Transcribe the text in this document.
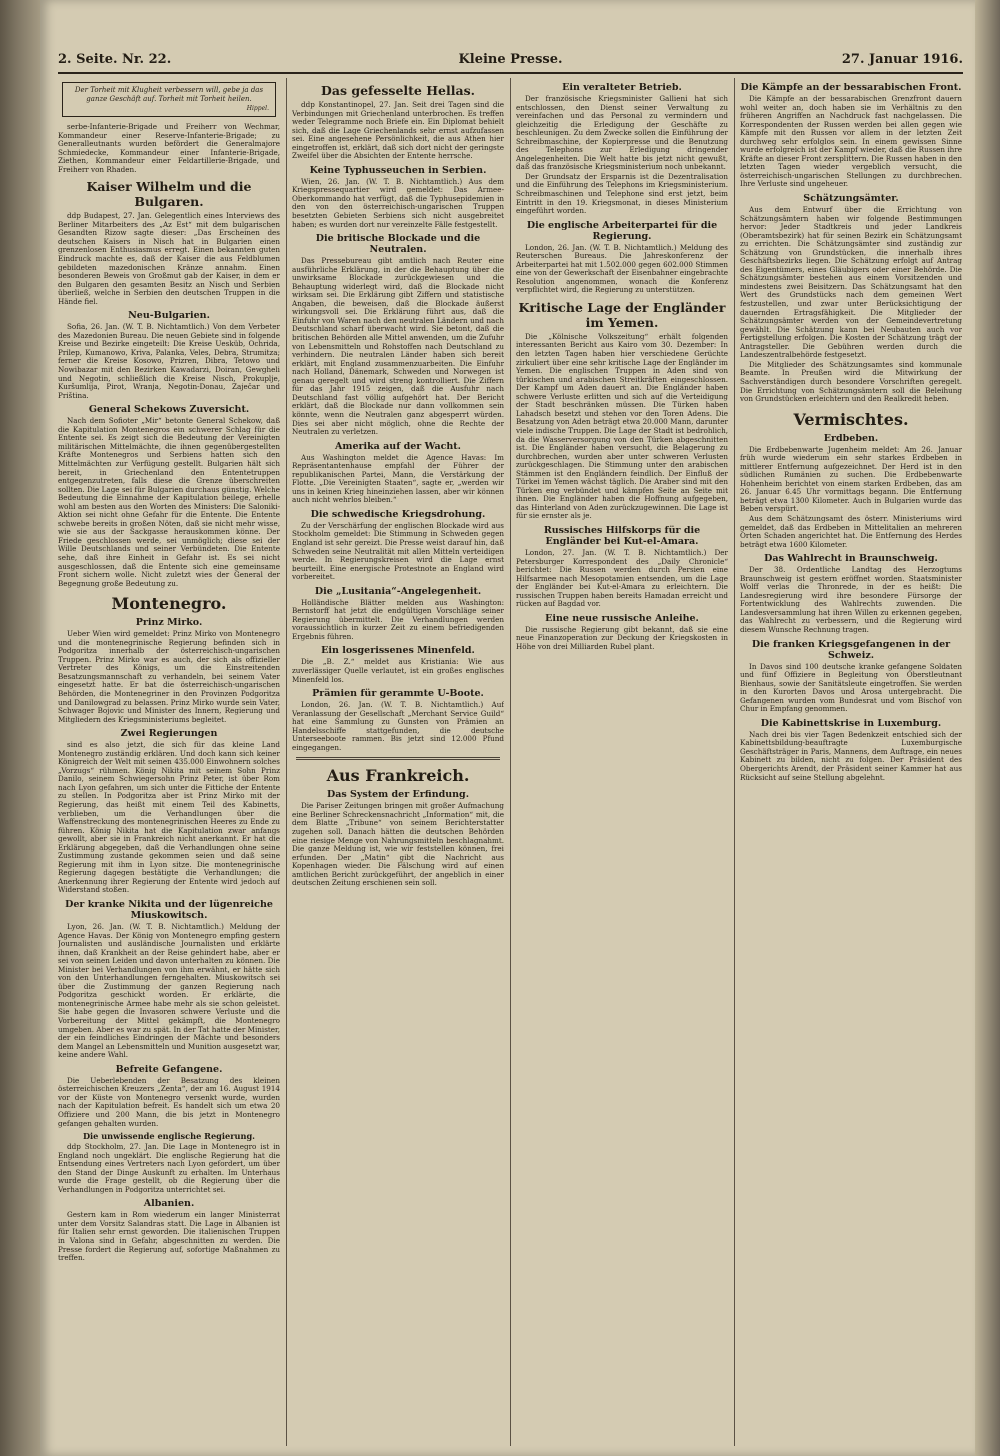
2. Seite. Nr. 22.	Kleine Presse.	27. Januar 1916.
Der Torheit mit Klugheit verbessern will, gebe ja das ganze Geschäft auf. Torheit mit Torheit heilen.
Hippel.

serbe-Infanterie-Brigade und Freiherr von Wechmar, Kommandeur einer Reserve-Infanterie-Brigade; zu Generalleutnants wurden befördert die Generalmajore Schmiedecke, Kommandeur einer Infanterie-Brigade, Ziethen, Kommandeur einer Feldartillerie-Brigade, und Freiherr von Rhaden.

Kaiser Wilhelm und die Bulgaren.

ddp Budapest, 27. Jan. Gelegentlich eines Interviews des Berliner Mitarbeiters des „Az Est“ mit dem bulgarischen Gesandten Rizow sagte dieser: „Das Erscheinen des deutschen Kaisers in Nisch hat in Bulgarien einen grenzenlosen Enthusiasmus erregt. Einen bekannten guten Eindruck machte es, daß der Kaiser die aus Feldblumen gebildeten mazedonischen Kränze annahm. Einen besonderen Beweis von Großmut gab der Kaiser, in dem er den Bulgaren den gesamten Besitz an Nisch und Serbien überließ, welche in Serbien den deutschen Truppen in die Hände fiel.

Neu-Bulgarien.

Sofia, 26. Jan. (W. T. B. Nichtamtlich.) Von dem Verbeter des Mazedonien Bureau. Die neuen Gebiete sind in folgende Kreise und Bezirke eingeteilt: Die Kreise Uesküb, Ochrida, Prilep, Kumanowo, Kriva, Palanka, Veles, Debra, Strumitza; ferner die Kreise Kosowo, Prizren, Dibra, Tetowo und Nowibazar mit den Bezirken Kawadarzi, Doiran, Gewgheli und Negotin, schließlich die Kreise Nisch, Prokuplje, Kuršumlija, Pirot, Wranja, Negotin-Donau, Zaječar und Priština.

General Schekows Zuversicht.

Nach dem Sofioter „Mir“ betonte General Schekow, daß die Kapitulation Montenegros ein schwerer Schlag für die Entente sei. Es zeigt sich die Bedeutung der Vereinigten militärischen Mittelmächte, die ihnen gegenübergestellten Kräfte Montenegros und Serbiens hatten sich den Mittelmächten zur Verfügung gestellt. Bulgarien hält sich bereit, in Griechenland den Ententetruppen entgegenzutreten, falls diese die Grenze überschreiten sollten. Die Lage sei für Bulgarien durchaus günstig. Welche Bedeutung die Einnahme der Kapitulation beilege, erhelle wohl am besten aus den Worten des Ministers: Die Saloniki-Aktion sei nicht ohne Gefahr für die Entente. Die Entente schwebe bereits in großen Nöten, daß sie nicht mehr wisse, wie sie aus der Sackgasse herauskommen könne. Der Friede geschlossen werde, sei unmöglich; diese sei der Wille Deutschlands und seiner Verbündeten. Die Entente sehe, daß ihre Einheit in Gefahr ist. Es sei nicht ausgeschlossen, daß die Entente sich eine gemeinsame Front sichern wolle. Nicht zuletzt wies der General der Begegnung große Bedeutung zu.

Montenegro.
Prinz Mirko.

Ueber Wien wird gemeldet: Prinz Mirko von Montenegro und die montenegrinische Regierung befinden sich in Podgoritza innerhalb der österreichisch-ungarischen Truppen. Prinz Mirko war es auch, der sich als offizieller Vertreter des Königs, um die Einstreitenden Besatzungsmannschaft zu verhandeln, bei seinem Vater eingesetzt hatte. Er bat die österreichisch-ungarischen Behörden, die Montenegriner in den Provinzen Podgoritza und Danilowgrad zu belassen. Prinz Mirko wurde sein Vater, Schwager Bojovic und Minister des Innern, Regierung und Mitgliedern des Kriegsministeriums begleitet.

Zwei Regierungen

sind es also jetzt, die sich für das kleine Land Montenegro zuständig erklären. Und doch kann sich keiner Königreich der Welt mit seinen 435.000 Einwohnern solches „Vorzugs“ rühmen. König Nikita mit seinem Sohn Prinz Danilo, seinem Schwiegersohn Prinz Peter, ist über Rom nach Lyon gefahren, um sich unter die Fittiche der Entente zu stellen. In Podgoritza aber ist Prinz Mirko mit der Regierung, das heißt mit einem Teil des Kabinetts, verblieben, um die Verhandlungen über die Waffenstreckung des montenegrinischen Heeres zu Ende zu führen. König Nikita hat die Kapitulation zwar anfangs gewollt, aber sie in Frankreich nicht anerkannt. Er hat die Erklärung abgegeben, daß die Verhandlungen ohne seine Zustimmung zustande gekommen seien und daß seine Regierung mit ihm in Lyon sitze. Die montenegrinische Regierung dagegen bestätigte die Verhandlungen; die Anerkennung ihrer Regierung der Entente wird jedoch auf Widerstand stoßen.

Der kranke Nikita und der lügenreiche Miuskowitsch.

Lyon, 26. Jan. (W. T. B. Nichtamtlich.) Meldung der Agence Havas. Der König von Montenegro empfing gestern Journalisten und ausländische Journalisten und erklärte ihnen, daß Krankheit an der Reise gehindert habe, aber er sei von seinen Leiden und davon unterhalten zu können. Die Minister bei Verhandlungen von ihm erwähnt, er hätte sich von den Unterhandlungen ferngehalten. Miuskowitsch sei über die Zustimmung der ganzen Regierung nach Podgoritza geschickt worden. Er erklärte, die montenegrinische Armee habe mehr als sie schon geleistet. Sie habe gegen die Invasoren schwere Verluste und die Vorbereitung der Mittel gekämpft, die Montenegro umgeben. Aber es war zu spät. In der Tat hatte der Minister, der ein feindliches Eindringen der Mächte und besonders dem Mangel an Lebensmitteln und Munition ausgesetzt war, keine andere Wahl.

Befreite Gefangene.

Die Ueberlebenden der Besatzung des kleinen österreichischen Kreuzers „Zenta“, der am 16. August 1914 vor der Küste von Montenegro versenkt wurde, wurden nach der Kapitulation befreit. Es handelt sich um etwa 20 Offiziere und 200 Mann, die bis jetzt in Montenegro gefangen gehalten wurden.

Die unwissende englische Regierung.

ddp Stockholm, 27. Jan. Die Lage in Montenegro ist in England noch ungeklärt. Die englische Regierung hat die Entsendung eines Vertreters nach Lyon gefordert, um über den Stand der Dinge Auskunft zu erhalten. Im Unterhaus wurde die Frage gestellt, ob die Regierung über die Verhandlungen in Podgoritza unterrichtet sei.

Albanien.

Gestern kam in Rom wiederum ein langer Ministerrat unter dem Vorsitz Salandras statt. Die Lage in Albanien ist für Italien sehr ernst geworden. Die italienischen Truppen in Valona sind in Gefahr, abgeschnitten zu werden. Die Presse fordert die Regierung auf, sofortige Maßnahmen zu treffen.

Das gefesselte Hellas.

ddp Konstantinopel, 27. Jan. Seit drei Tagen sind die Verbindungen mit Griechenland unterbrochen. Es treffen weder Telegramme noch Briefe ein. Ein Diplomat behielt sich, daß die Lage Griechenlands sehr ernst aufzufassen sei. Eine angesehene Persönlichkeit, die aus Athen hier eingetroffen ist, erklärt, daß sich dort nicht der geringste Zweifel über die Absichten der Entente herrsche.

Keine Typhusseuchen in Serbien.

Wien, 26. Jan. (W. T. B. Nichtamtlich.) Aus dem Kriegspressequartier wird gemeldet: Das Armee-Oberkommando hat verfügt, daß die Typhusepidemien in den von den österreichisch-ungarischen Truppen besetzten Gebieten Serbiens sich nicht ausgebreitet haben; es wurden dort nur vereinzelte Fälle festgestellt.

Die britische Blockade und die Neutralen.

Das Pressebureau gibt amtlich nach Reuter eine ausführliche Erklärung, in der die Behauptung über die unwirksame Blockade zurückgewiesen und die Behauptung widerlegt wird, daß die Blockade nicht wirksam sei. Die Erklärung gibt Ziffern und statistische Angaben, die beweisen, daß die Blockade äußerst wirkungsvoll sei. Die Erklärung führt aus, daß die Einfuhr von Waren nach den neutralen Ländern und nach Deutschland scharf überwacht wird. Sie betont, daß die britischen Behörden alle Mittel anwenden, um die Zufuhr von Lebensmitteln und Rohstoffen nach Deutschland zu verhindern. Die neutralen Länder haben sich bereit erklärt, mit England zusammenzuarbeiten. Die Einfuhr nach Holland, Dänemark, Schweden und Norwegen ist genau geregelt und wird streng kontrolliert. Die Ziffern für das Jahr 1915 zeigen, daß die Ausfuhr nach Deutschland fast völlig aufgehört hat. Der Bericht erklärt, daß die Blockade nur dann vollkommen sein könnte, wenn die Neutralen ganz abgesperrt würden. Dies sei aber nicht möglich, ohne die Rechte der Neutralen zu verletzen.

Amerika auf der Wacht.

Aus Washington meldet die Agence Havas: Im Repräsentantenhause empfahl der Führer der republikanischen Partei, Mann, die Verstärkung der Flotte. „Die Vereinigten Staaten“, sagte er, „werden wir uns in keinen Krieg hineinziehen lassen, aber wir können auch nicht wehrlos bleiben.“

Die schwedische Kriegsdrohung.

Zu der Verschärfung der englischen Blockade wird aus Stockholm gemeldet: Die Stimmung in Schweden gegen England ist sehr gereizt. Die Presse weist darauf hin, daß Schweden seine Neutralität mit allen Mitteln verteidigen werde. In Regierungskreisen wird die Lage ernst beurteilt. Eine energische Protestnote an England wird vorbereitet.

Die „Lusitania“-Angelegenheit.

Holländische Blätter melden aus Washington: Bernstorff hat jetzt die endgültigen Vorschläge seiner Regierung übermittelt. Die Verhandlungen werden voraussichtlich in kurzer Zeit zu einem befriedigenden Ergebnis führen.

Ein losgerissenes Minenfeld.

Die „B. Z.“ meldet aus Kristiania: Wie aus zuverlässiger Quelle verlautet, ist ein großes englisches Minenfeld los.

Prämien für gerammte U-Boote.

London, 26. Jan. (W. T. B. Nichtamtlich.) Auf Veranlassung der Gesellschaft „Merchant Service Guild“ hat eine Sammlung zu Gunsten von Prämien an Handelsschiffe stattgefunden, die deutsche Unterseeboote rammen. Bis jetzt sind 12.000 Pfund eingegangen.

Aus Frankreich.
Das System der Erfindung.

Die Pariser Zeitungen bringen mit großer Aufmachung eine Berliner Schreckensnachricht „Information“ mit, die dem Blatte „Tribune“ von seinem Berichterstatter zugehen soll. Danach hätten die deutschen Behörden eine riesige Menge von Nahrungsmitteln beschlagnahmt. Die ganze Meldung ist, wie wir feststellen können, frei erfunden. Der „Matin“ gibt die Nachricht aus Kopenhagen wieder. Die Fälschung wird auf einen amtlichen Bericht zurückgeführt, der angeblich in einer deutschen Zeitung erschienen sein soll.

Ein veralteter Betrieb.

Der französische Kriegsminister Gallieni hat sich entschlossen, den Dienst seiner Verwaltung zu vereinfachen und das Personal zu vermindern und gleichzeitig die Erledigung der Geschäfte zu beschleunigen. Zu dem Zwecke sollen die Einführung der Schreibmaschine, der Kopierpresse und die Benutzung des Telephons zur Erledigung dringender Angelegenheiten. Die Welt hatte bis jetzt nicht gewußt, daß das französische Kriegsministerium noch unbekannt.

Der Grundsatz der Ersparnis ist die Dezentralisation und die Einführung des Telephons im Kriegsministerium. Schreibmaschinen und Telephone sind erst jetzt, beim Eintritt in den 19. Kriegsmonat, in dieses Ministerium eingeführt worden.

Die englische Arbeiterpartei für die Regierung.

London, 26. Jan. (W. T. B. Nichtamtlich.) Meldung des Reuterschen Bureaus. Die Jahreskonferenz der Arbeiterpartei hat mit 1.502.000 gegen 602.000 Stimmen eine von der Gewerkschaft der Eisenbahner eingebrachte Resolution angenommen, wonach die Konferenz verpflichtet wird, die Regierung zu unterstützen.

Kritische Lage der Engländer im Yemen.

Die „Kölnische Volkszeitung“ erhält folgenden interessanten Bericht aus Kairo vom 30. Dezember: In den letzten Tagen haben hier verschiedene Gerüchte zirkuliert über eine sehr kritische Lage der Engländer im Yemen. Die englischen Truppen in Aden sind von türkischen und arabischen Streitkräften eingeschlossen. Der Kampf um Aden dauert an. Die Engländer haben schwere Verluste erlitten und sich auf die Verteidigung der Stadt beschränken müssen. Die Türken haben Lahadsch besetzt und stehen vor den Toren Adens. Die Besatzung von Aden beträgt etwa 20.000 Mann, darunter viele indische Truppen. Die Lage der Stadt ist bedrohlich, da die Wasserversorgung von den Türken abgeschnitten ist. Die Engländer haben versucht, die Belagerung zu durchbrechen, wurden aber unter schweren Verlusten zurückgeschlagen. Die Stimmung unter den arabischen Stämmen ist den Engländern feindlich. Der Einfluß der Türkei im Yemen wächst täglich. Die Araber sind mit den Türken eng verbündet und kämpfen Seite an Seite mit ihnen. Die Engländer haben die Hoffnung aufgegeben, das Hinterland von Aden zurückzugewinnen. Die Lage ist für sie ernster als je.

Russisches Hilfskorps für die Engländer bei Kut-el-Amara.

London, 27. Jan. (W. T. B. Nichtamtlich.) Der Petersburger Korrespondent des „Daily Chronicle“ berichtet: Die Russen werden durch Persien eine Hilfsarmee nach Mesopotamien entsenden, um die Lage der Engländer bei Kut-el-Amara zu erleichtern. Die russischen Truppen haben bereits Hamadan erreicht und rücken auf Bagdad vor.

Eine neue russische Anleihe.

Die russische Regierung gibt bekannt, daß sie eine neue Finanzoperation zur Deckung der Kriegskosten in Höhe von drei Milliarden Rubel plant.

Die Kämpfe an der bessarabischen Front.

Die Kämpfe an der bessarabischen Grenzfront dauern wohl weiter an, doch haben sie im Verhältnis zu den früheren Angriffen an Nachdruck fast nachgelassen. Die Korrespondenten der Russen werden bei allen gegen wie Kämpfe mit den Russen vor allem in der letzten Zeit durchweg sehr erfolglos sein. In einem gewissen Sinne wurde erfolgreich ist der Kampf wieder, daß die Russen ihre Kräfte an dieser Front zersplittern. Die Russen haben in den letzten Tagen wieder vergeblich versucht, die österreichisch-ungarischen Stellungen zu durchbrechen. Ihre Verluste sind ungeheuer.

Schätzungsämter.

Aus dem Entwurf über die Errichtung von Schätzungsämtern haben wir folgende Bestimmungen hervor: Jeder Stadtkreis und jeder Landkreis (Oberamtsbezirk) hat für seinen Bezirk ein Schätzungsamt zu errichten. Die Schätzungsämter sind zuständig zur Schätzung von Grundstücken, die innerhalb ihres Geschäftsbezirks liegen. Die Schätzung erfolgt auf Antrag des Eigentümers, eines Gläubigers oder einer Behörde. Die Schätzungsämter bestehen aus einem Vorsitzenden und mindestens zwei Beisitzern. Das Schätzungsamt hat den Wert des Grundstücks nach dem gemeinen Wert festzustellen, und zwar unter Berücksichtigung der dauernden Ertragsfähigkeit. Die Mitglieder der Schätzungsämter werden von der Gemeindevertretung gewählt. Die Schätzung kann bei Neubauten auch vor Fertigstellung erfolgen. Die Kosten der Schätzung trägt der Antragsteller. Die Gebühren werden durch die Landeszentralbehörde festgesetzt.

Die Mitglieder des Schätzungsamtes sind kommunale Beamte. In Preußen wird die Mitwirkung der Sachverständigen durch besondere Vorschriften geregelt. Die Errichtung von Schätzungsämtern soll die Beleihung von Grundstücken erleichtern und den Realkredit heben.

Vermischtes.
Erdbeben.

Die Erdbebenwarte Jugenheim meldet: Am 26. Januar früh wurde wiederum ein sehr starkes Erdbeben in mittlerer Entfernung aufgezeichnet. Der Herd ist in den südlichen Rumänien zu suchen. Die Erdbebenwarte Hohenheim berichtet von einem starken Erdbeben, das am 26. Januar 6.45 Uhr vormittags begann. Die Entfernung beträgt etwa 1300 Kilometer. Auch in Bulgarien wurde das Beben verspürt.

Aus dem Schätzungsamt des österr. Ministeriums wird gemeldet, daß das Erdbeben in Mittelitalien an mehreren Orten Schaden angerichtet hat. Die Entfernung des Herdes beträgt etwa 1600 Kilometer.

Das Wahlrecht in Braunschweig.

Der 38. Ordentliche Landtag des Herzogtums Braunschweig ist gestern eröffnet worden. Staatsminister Wolff verlas die Thronrede, in der es heißt: Die Landesregierung wird ihre besondere Fürsorge der Fortentwicklung des Wahlrechts zuwenden. Die Landesversammlung hat ihren Willen zu erkennen gegeben, das Wahlrecht zu verbessern, und die Regierung wird diesem Wunsche Rechnung tragen.

Die franken Kriegsgefangenen in der Schweiz.

In Davos sind 100 deutsche kranke gefangene Soldaten und fünf Offiziere in Begleitung von Oberstleutnant Bienhaus, sowie der Sanitätsleute eingetroffen. Sie werden in den Kurorten Davos und Arosa untergebracht. Die Gefangenen wurden vom Bundesrat und vom Bischof von Chur in Empfang genommen.

Die Kabinettskrise in Luxemburg.

Nach drei bis vier Tagen Bedenkzeit entschied sich der Kabinettsbildung-beauftragte Luxemburgische Geschäftsträger in Paris, Mannens, dem Auftrage, ein neues Kabinett zu bilden, nicht zu folgen. Der Präsident des Obergerichts Arendt, der Präsident seiner Kammer hat aus Rücksicht auf seine Stellung abgelehnt.
